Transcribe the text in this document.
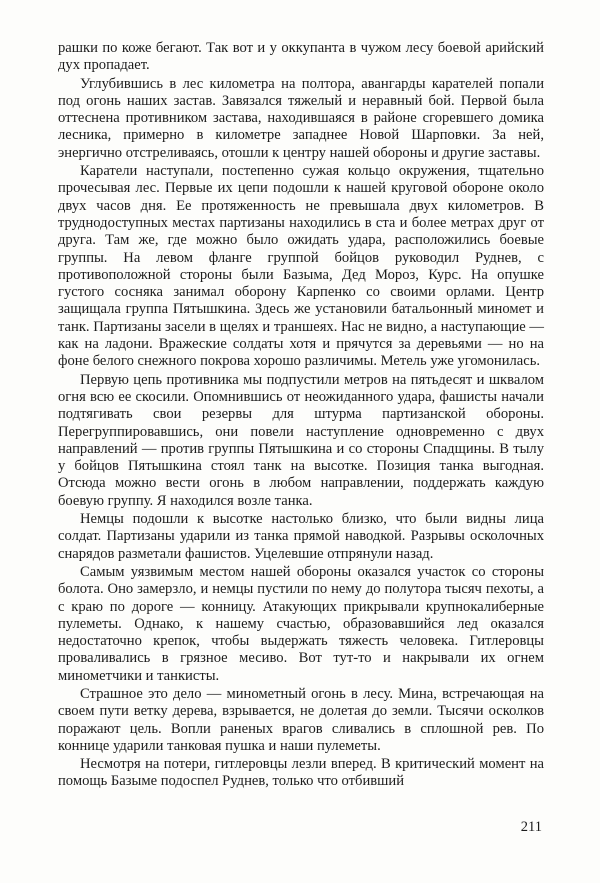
рашки по коже бегают. Так вот и у оккупанта в чужом лесу боевой арийский дух пропадает.

Углубившись в лес километра на полтора, авангарды карателей попали под огонь наших застав. Завязался тяжелый и неравный бой. Первой была оттеснена противником застава, находившаяся в районе сгоревшего домика лесника, примерно в километре западнее Новой Шарповки. За ней, энергично отстреливаясь, отошли к центру нашей обороны и другие заставы.

Каратели наступали, постепенно сужая кольцо окружения, тщательно прочесывая лес. Первые их цепи подошли к нашей круговой обороне около двух часов дня. Ее протяженность не превышала двух километров. В труднодоступных местах партизаны находились в ста и более метрах друг от друга. Там же, где можно было ожидать удара, расположились боевые группы. На левом фланге группой бойцов руководил Руднев, с противоположной стороны были Базыма, Дед Мороз, Курс. На опушке густого сосняка занимал оборону Карпенко со своими орлами. Центр защищала группа Пятышкина. Здесь же установили батальонный миномет и танк. Партизаны засели в щелях и траншеях. Нас не видно, а наступающие — как на ладони. Вражеские солдаты хотя и прячутся за деревьями — но на фоне белого снежного покрова хорошо различимы. Метель уже угомонилась.

Первую цепь противника мы подпустили метров на пятьдесят и шквалом огня всю ее скосили. Опомнившись от неожиданного удара, фашисты начали подтягивать свои резервы для штурма партизанской обороны. Перегруппировавшись, они повели наступление одновременно с двух направлений — против группы Пятышкина и со стороны Спадщины. В тылу у бойцов Пятышкина стоял танк на высотке. Позиция танка выгодная. Отсюда можно вести огонь в любом направлении, поддержать каждую боевую группу. Я находился возле танка.

Немцы подошли к высотке настолько близко, что были видны лица солдат. Партизаны ударили из танка прямой наводкой. Разрывы осколочных снарядов разметали фашистов. Уцелевшие отпрянули назад.

Самым уязвимым местом нашей обороны оказался участок со стороны болота. Оно замерзло, и немцы пустили по нему до полутора тысяч пехоты, а с краю по дороге — конницу. Атакующих прикрывали крупнокалиберные пулеметы. Однако, к нашему счастью, образовавшийся лед оказался недостаточно крепок, чтобы выдержать тяжесть человека. Гитлеровцы проваливались в грязное месиво. Вот тут-то и накрывали их огнем минометчики и танкисты.

Страшное это дело — минометный огонь в лесу. Мина, встречающая на своем пути ветку дерева, взрывается, не долетая до земли. Тысячи осколков поражают цель. Вопли раненых врагов сливались в сплошной рев. По коннице ударили танковая пушка и наши пулеметы.

Несмотря на потери, гитлеровцы лезли вперед. В критический момент на помощь Базыме подоспел Руднев, только что отбивший

211
